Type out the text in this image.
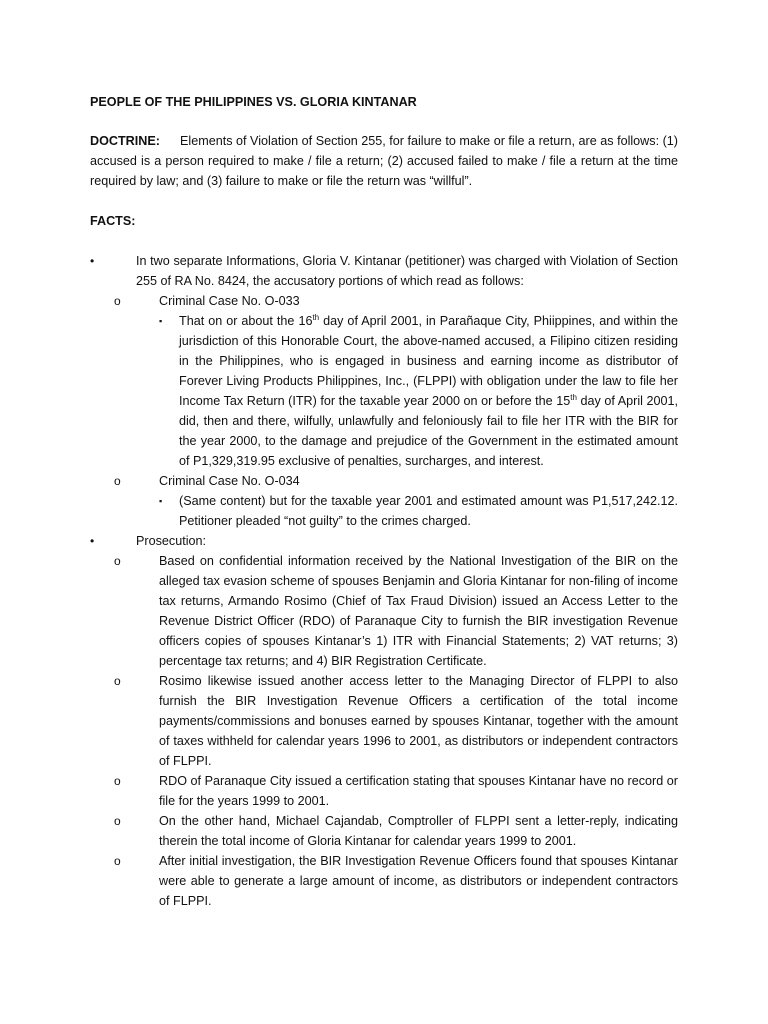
PEOPLE OF THE PHILIPPINES VS. GLORIA KINTANAR
DOCTRINE: Elements of Violation of Section 255, for failure to make or file a return, are as follows: (1) accused is a person required to make / file a return; (2) accused failed to make / file a return at the time required by law; and (3) failure to make or file the return was “willful”.
FACTS:
•	In two separate Informations, Gloria V. Kintanar (petitioner) was charged with Violation of Section 255 of RA No. 8424, the accusatory portions of which read as follows:
o	Criminal Case No. O-033
▪ That on or about the 16th day of April 2001, in Parañaque City, Phiippines, and within the jurisdiction of this Honorable Court, the above-named accused, a Filipino citizen residing in the Philippines, who is engaged in business and earning income as distributor of Forever Living Products Philippines, Inc., (FLPPI) with obligation under the law to file her Income Tax Return (ITR) for the taxable year 2000 on or before the 15th day of April 2001, did, then and there, wilfully, unlawfully and feloniously fail to file her ITR with the BIR for the year 2000, to the damage and prejudice of the Government in the estimated amount of P1,329,319.95 exclusive of penalties, surcharges, and interest.
o	Criminal Case No. O-034
▪ (Same content) but for the taxable year 2001 and estimated amount was P1,517,242.12. Petitioner pleaded “not guilty” to the crimes charged.
•	Prosecution:
o	Based on confidential information received by the National Investigation of the BIR on the alleged tax evasion scheme of spouses Benjamin and Gloria Kintanar for non-filing of income tax returns, Armando Rosimo (Chief of Tax Fraud Division) issued an Access Letter to the Revenue District Officer (RDO) of Paranaque City to furnish the BIR investigation Revenue officers copies of spouses Kintanar’s 1) ITR with Financial Statements; 2) VAT returns; 3) percentage tax returns; and 4) BIR Registration Certificate.
o	Rosimo likewise issued another access letter to the Managing Director of FLPPI to also furnish the BIR Investigation Revenue Officers a certification of the total income payments/commissions and bonuses earned by spouses Kintanar, together with the amount of taxes withheld for calendar years 1996 to 2001, as distributors or independent contractors of FLPPI.
o	RDO of Paranaque City issued a certification stating that spouses Kintanar have no record or file for the years 1999 to 2001.
o	On the other hand, Michael Cajandab, Comptroller of FLPPI sent a letter-reply, indicating therein the total income of Gloria Kintanar for calendar years 1999 to 2001.
o	After initial investigation, the BIR Investigation Revenue Officers found that spouses Kintanar were able to generate a large amount of income, as distributors or independent contractors of FLPPI.
